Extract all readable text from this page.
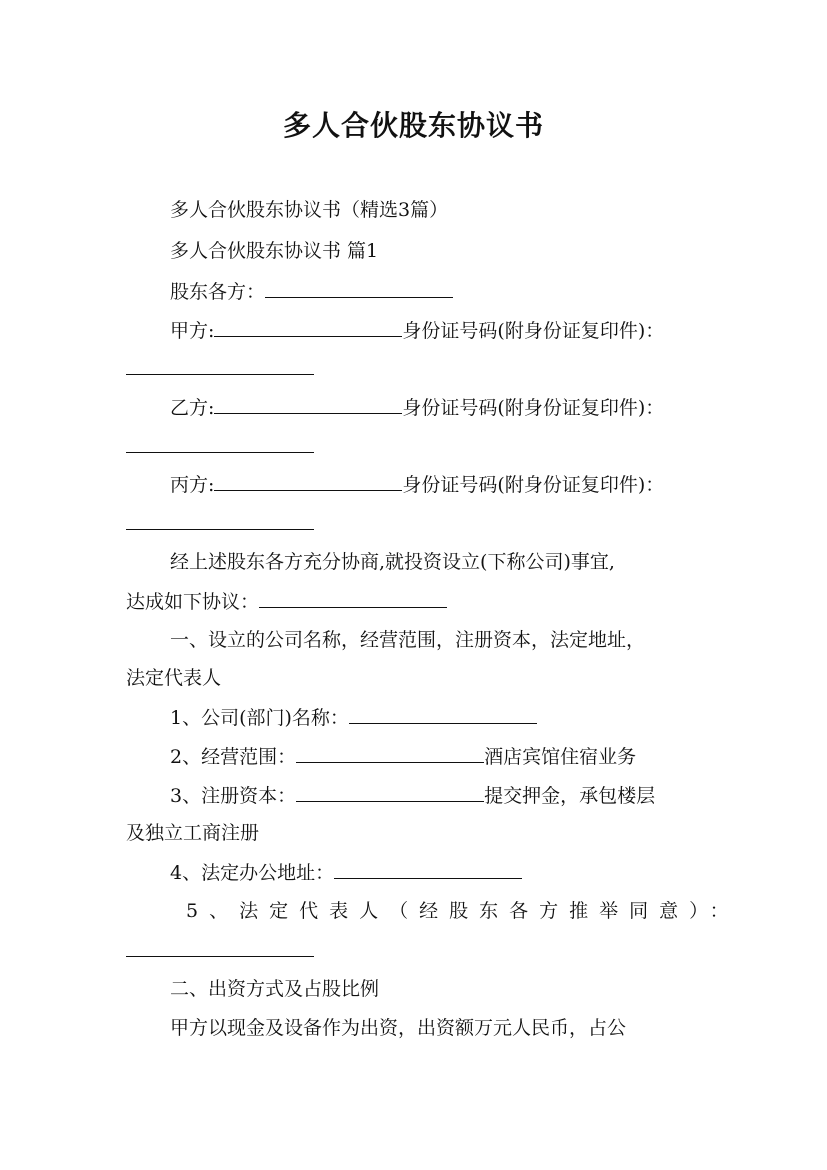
多人合伙股东协议书
多人合伙股东协议书（精选3篇）
多人合伙股东协议书 篇1
股东各方：
甲方:	身份证号码(附身份证复印件)：
乙方:	身份证号码(附身份证复印件)：
丙方:	身份证号码(附身份证复印件)：
经上述股东各方充分协商,就投资设立(下称公司)事宜,
达成如下协议：
一、设立的公司名称，经营范围，注册资本，法定地址，
法定代表人
1、公司(部门)名称：
2、经营范围：	酒店宾馆住宿业务
3、注册资本：	提交押金，承包楼层
及独立工商注册
4、法定办公地址：
5、法定代表人（经股东各方推举同意）：
二、出资方式及占股比例
甲方以现金及设备作为出资，出资额万元人民币，占公
